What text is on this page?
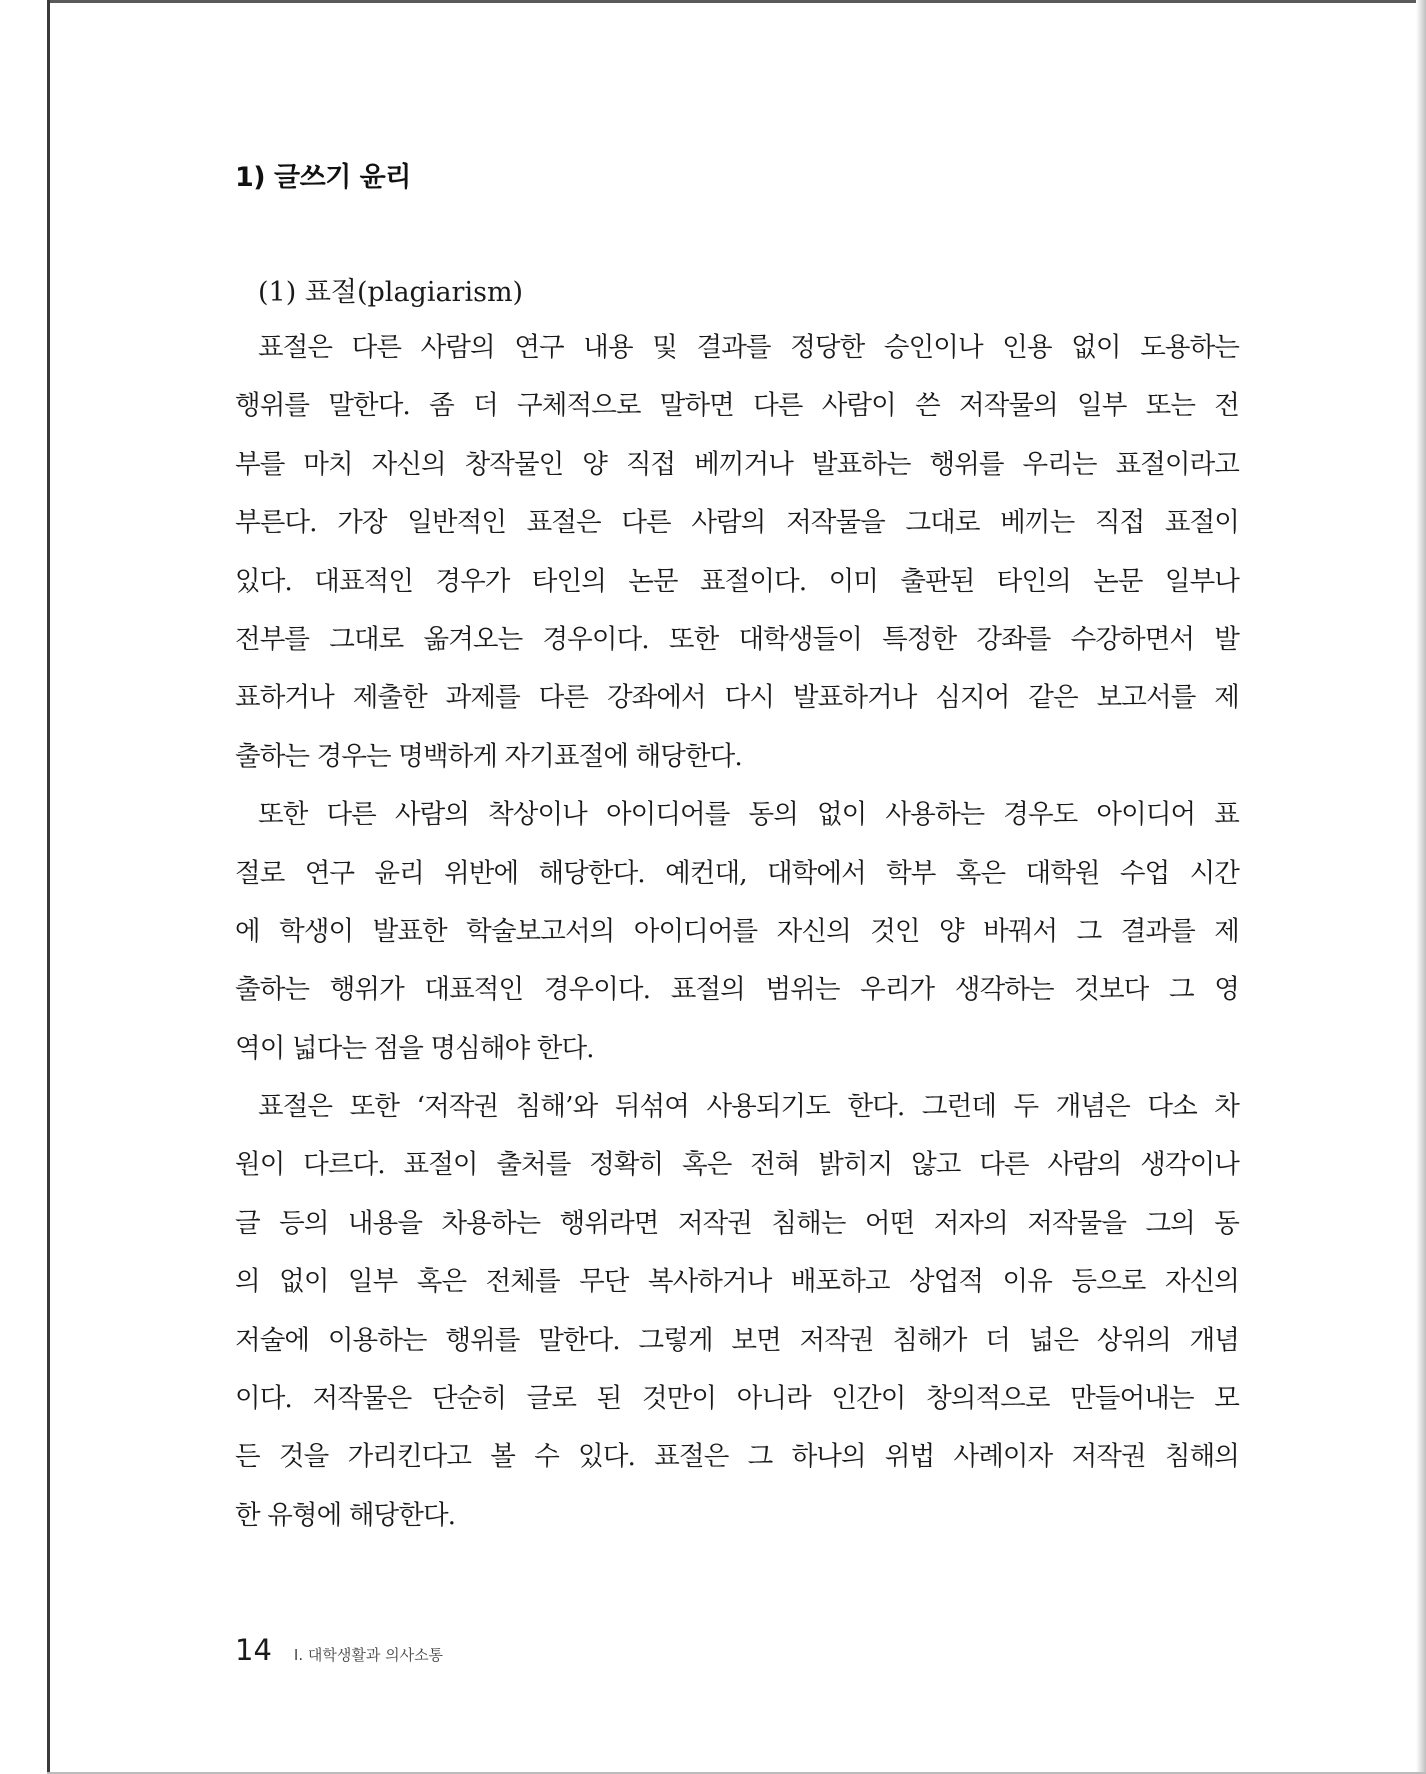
1) 글쓰기 윤리
(1) 표절(plagiarism)
표절은 다른 사람의 연구 내용 및 결과를 정당한 승인이나 인용 없이 도용하는
행위를 말한다. 좀 더 구체적으로 말하면 다른 사람이 쓴 저작물의 일부 또는 전
부를 마치 자신의 창작물인 양 직접 베끼거나 발표하는 행위를 우리는 표절이라고
부른다. 가장 일반적인 표절은 다른 사람의 저작물을 그대로 베끼는 직접 표절이
있다. 대표적인 경우가 타인의 논문 표절이다. 이미 출판된 타인의 논문 일부나
전부를 그대로 옮겨오는 경우이다. 또한 대학생들이 특정한 강좌를 수강하면서 발
표하거나 제출한 과제를 다른 강좌에서 다시 발표하거나 심지어 같은 보고서를 제
출하는 경우는 명백하게 자기표절에 해당한다.
또한 다른 사람의 착상이나 아이디어를 동의 없이 사용하는 경우도 아이디어 표
절로 연구 윤리 위반에 해당한다. 예컨대, 대학에서 학부 혹은 대학원 수업 시간
에 학생이 발표한 학술보고서의 아이디어를 자신의 것인 양 바꿔서 그 결과를 제
출하는 행위가 대표적인 경우이다. 표절의 범위는 우리가 생각하는 것보다 그 영
역이 넓다는 점을 명심해야 한다.
표절은 또한 ‘저작권 침해’와 뒤섞여 사용되기도 한다. 그런데 두 개념은 다소 차
원이 다르다. 표절이 출처를 정확히 혹은 전혀 밝히지 않고 다른 사람의 생각이나
글 등의 내용을 차용하는 행위라면 저작권 침해는 어떤 저자의 저작물을 그의 동
의 없이 일부 혹은 전체를 무단 복사하거나 배포하고 상업적 이유 등으로 자신의
저술에 이용하는 행위를 말한다. 그렇게 보면 저작권 침해가 더 넓은 상위의 개념
이다. 저작물은 단순히 글로 된 것만이 아니라 인간이 창의적으로 만들어내는 모
든 것을 가리킨다고 볼 수 있다. 표절은 그 하나의 위법 사례이자 저작권 침해의
한 유형에 해당한다.
14 I. 대학생활과 의사소통
